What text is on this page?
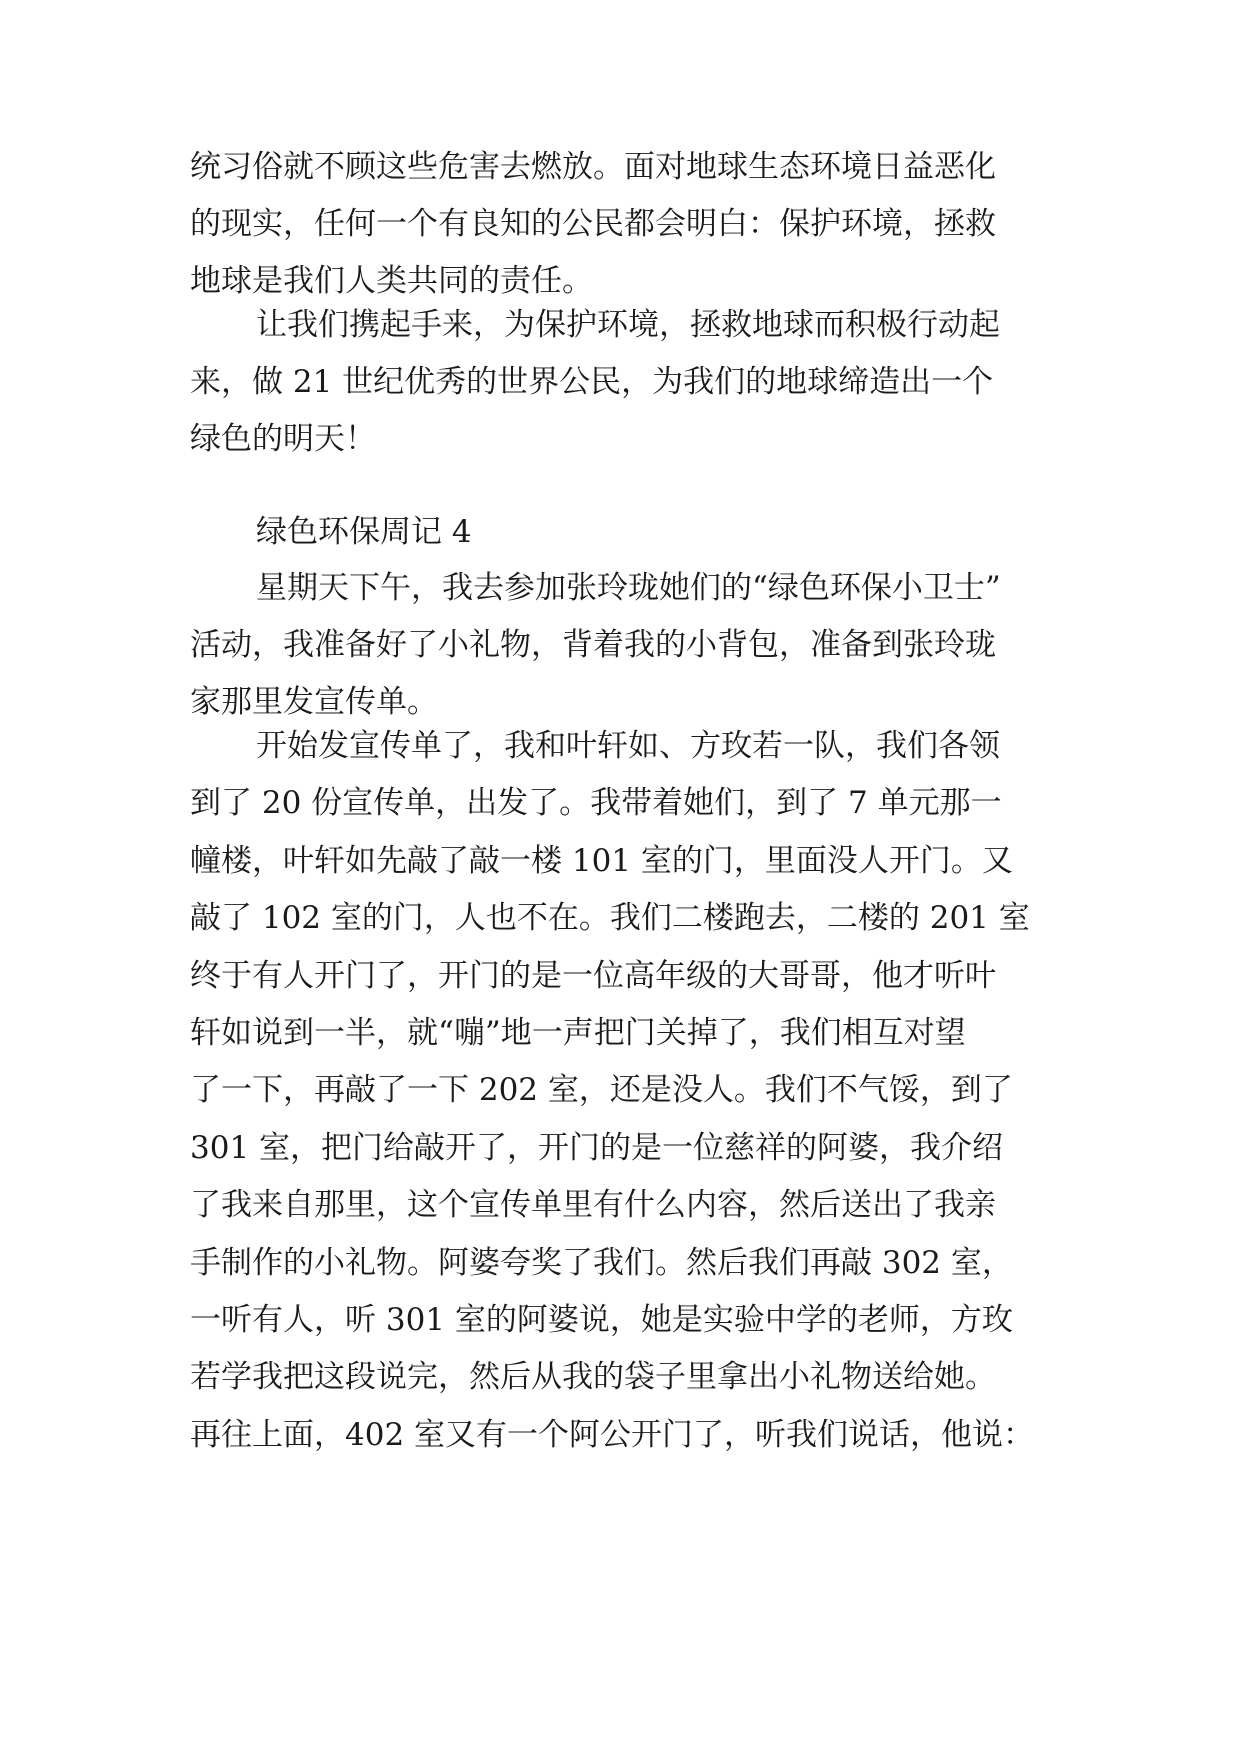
统习俗就不顾这些危害去燃放。面对地球生态环境日益恶化
的现实，任何一个有良知的公民都会明白：保护环境，拯救
地球是我们人类共同的责任。
让我们携起手来，为保护环境，拯救地球而积极行动起
来，做 21 世纪优秀的世界公民，为我们的地球缔造出一个
绿色的明天！
绿色环保周记 4
星期天下午，我去参加张玲珑她们的“绿色环保小卫士”
活动，我准备好了小礼物，背着我的小背包，准备到张玲珑
家那里发宣传单。
开始发宣传单了，我和叶轩如、方玫若一队，我们各领
到了 20 份宣传单，出发了。我带着她们，到了 7 单元那一
幢楼，叶轩如先敲了敲一楼 101 室的门，里面没人开门。又
敲了 102 室的门，人也不在。我们二楼跑去，二楼的 201 室
终于有人开门了，开门的是一位高年级的大哥哥，他才听叶
轩如说到一半，就“嘣”地一声把门关掉了，我们相互对望
了一下，再敲了一下 202 室，还是没人。我们不气馁，到了
301 室，把门给敲开了，开门的是一位慈祥的阿婆，我介绍
了我来自那里，这个宣传单里有什么内容，然后送出了我亲
手制作的小礼物。阿婆夸奖了我们。然后我们再敲 302 室，
一听有人，听 301 室的阿婆说，她是实验中学的老师，方玫
若学我把这段说完，然后从我的袋子里拿出小礼物送给她。
再往上面，402 室又有一个阿公开门了，听我们说话，他说：
